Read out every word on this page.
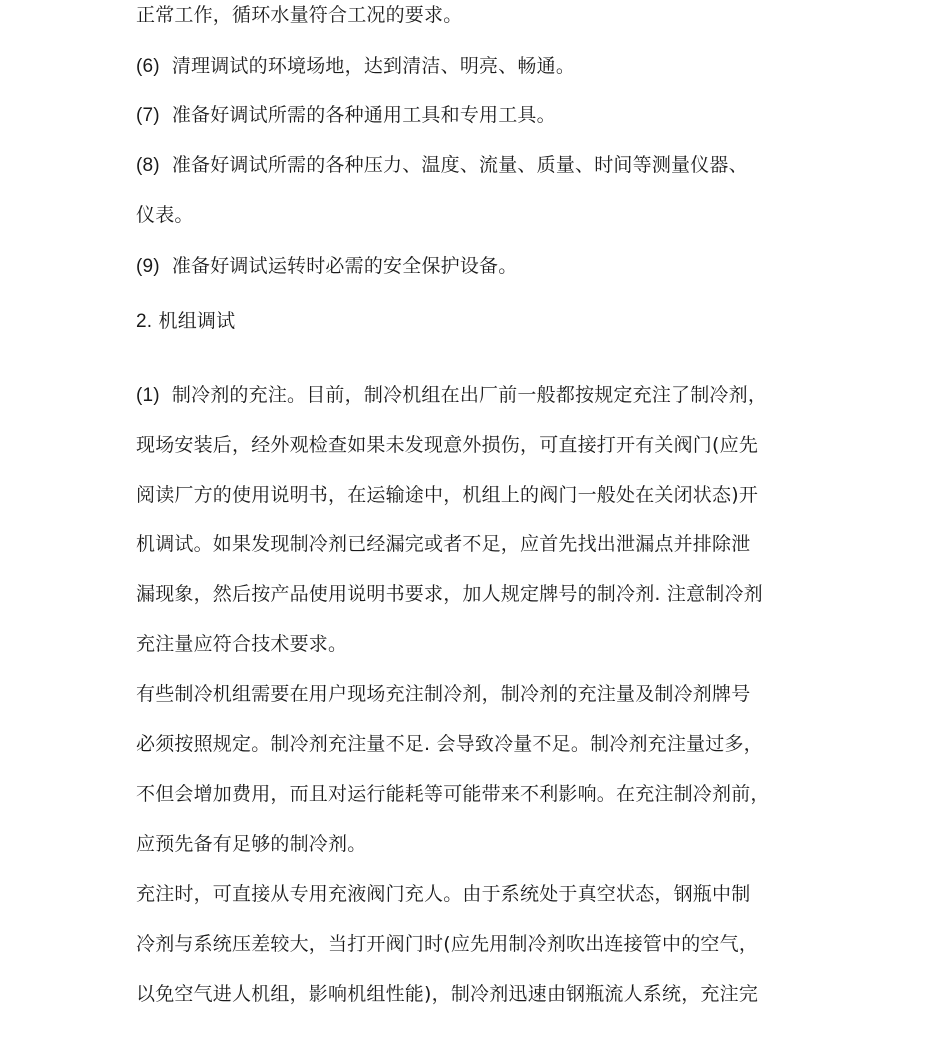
正常工作，循环水量符合工况的要求。
(6) 清理调试的环境场地，达到清洁、明亮、畅通。
(7) 准备好调试所需的各种通用工具和专用工具。
(8) 准备好调试所需的各种压力、温度、流量、质量、时间等测量仪器、
仪表。
(9) 准备好调试运转时必需的安全保护设备。
2. 机组调试
(1) 制冷剂的充注。目前，制冷机组在出厂前一般都按规定充注了制冷剂，
现场安装后，经外观检查如果未发现意外损伤，可直接打开有关阀门(应先
阅读厂方的使用说明书，在运输途中，机组上的阀门一般处在关闭状态)开
机调试。如果发现制冷剂已经漏完或者不足，应首先找出泄漏点并排除泄
漏现象，然后按产品使用说明书要求，加人规定牌号的制冷剂. 注意制冷剂
充注量应符合技术要求。
有些制冷机组需要在用户现场充注制冷剂，制冷剂的充注量及制冷剂牌号
必须按照规定。制冷剂充注量不足. 会导致冷量不足。制冷剂充注量过多，
不但会增加费用，而且对运行能耗等可能带来不利影响。在充注制冷剂前，
应预先备有足够的制冷剂。
充注时，可直接从专用充液阀门充人。由于系统处于真空状态，钢瓶中制
冷剂与系统压差较大，当打开阀门时(应先用制冷剂吹出连接管中的空气，
以免空气进人机组，影响机组性能)，制冷剂迅速由钢瓶流人系统，充注完
